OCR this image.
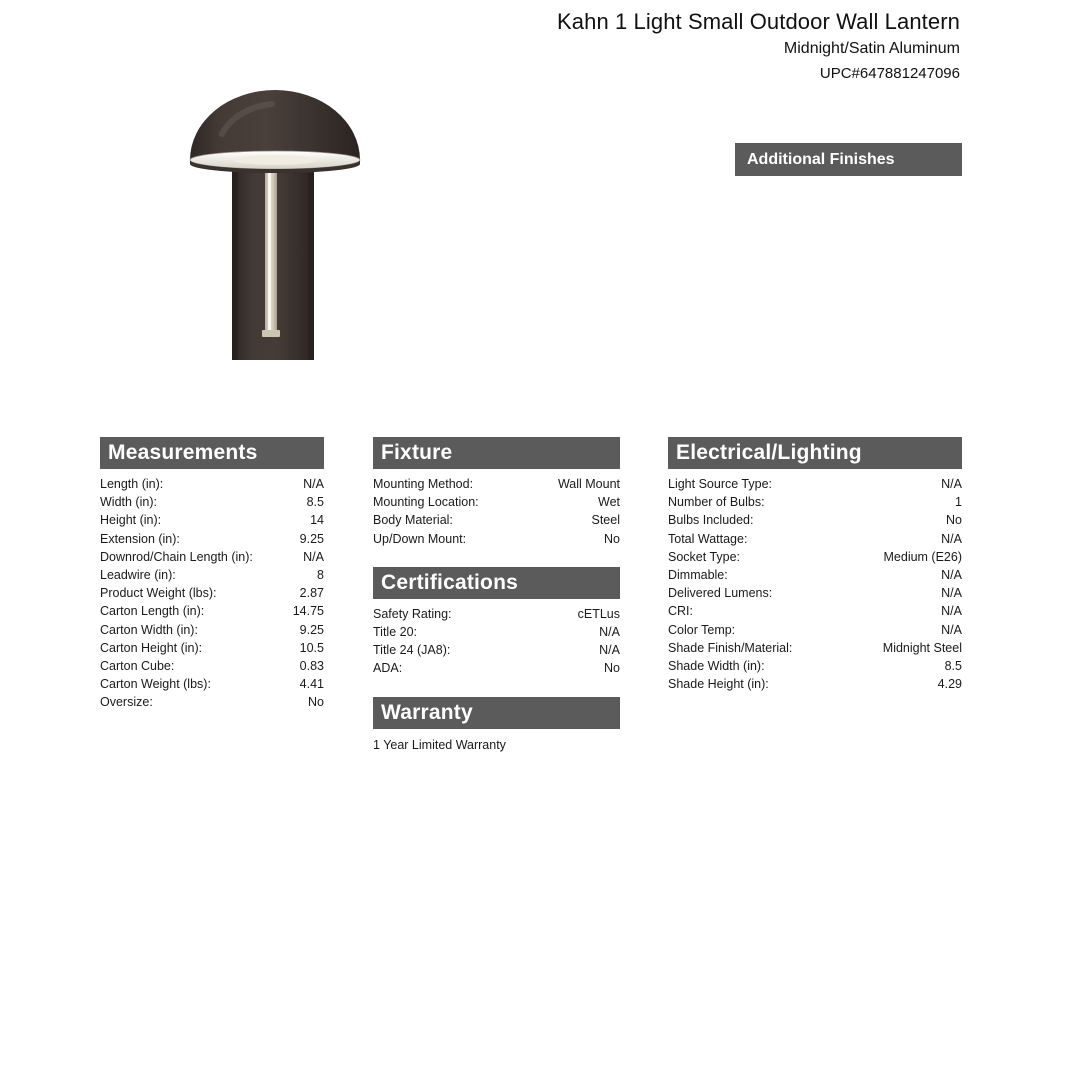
Kahn 1 Light Small Outdoor Wall Lantern
Midnight/Satin Aluminum
UPC#647881247096
Additional Finishes
Measurements
Length (in):	N/A
Width (in):	8.5
Height (in):	14
Extension (in):	9.25
Downrod/Chain Length (in):	N/A
Leadwire (in):	8
Product Weight (lbs):	2.87
Carton Length (in):	14.75
Carton Width (in):	9.25
Carton Height (in):	10.5
Carton Cube:	0.83
Carton Weight (lbs):	4.41
Oversize:	No
Fixture
Mounting Method:	Wall Mount
Mounting Location:	Wet
Body Material:	Steel
Up/Down Mount:	No
Certifications
Safety Rating:	cETLus
Title 20:	N/A
Title 24 (JA8):	N/A
ADA:	No
Warranty
1 Year Limited Warranty
Electrical/Lighting
Light Source Type:	N/A
Number of Bulbs:	1
Bulbs Included:	No
Total Wattage:	N/A
Socket Type:	Medium (E26)
Dimmable:	N/A
Delivered Lumens:	N/A
CRI:	N/A
Color Temp:	N/A
Shade Finish/Material:	Midnight Steel
Shade Width (in):	8.5
Shade Height (in):	4.29
